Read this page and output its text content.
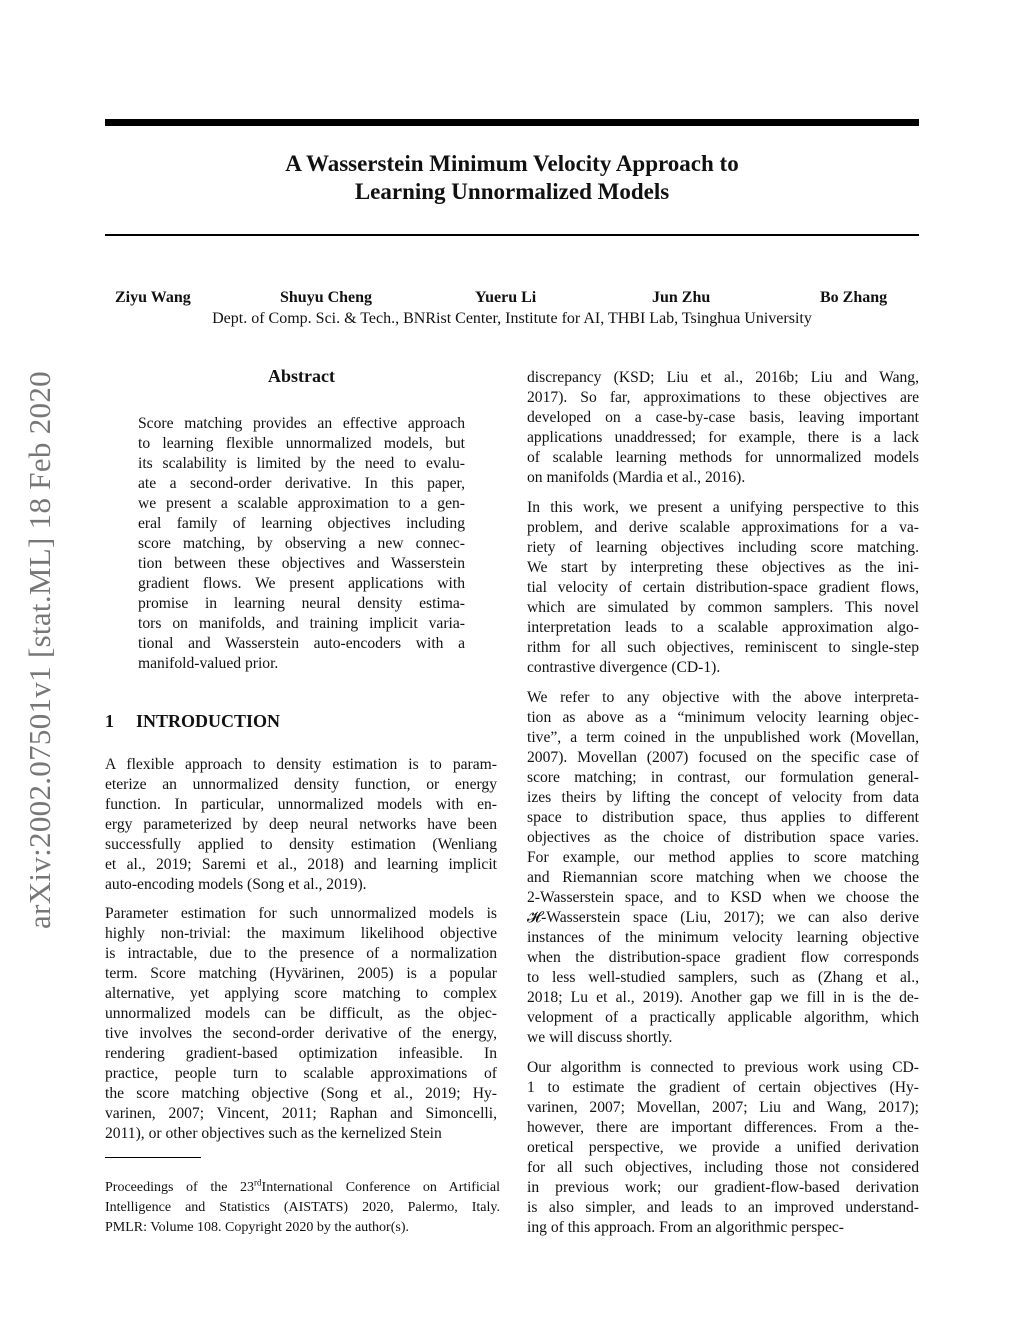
A Wasserstein Minimum Velocity Approach to
Learning Unnormalized Models
Ziyu Wang	Shuyu Cheng	Yueru Li	Jun Zhu	Bo Zhang
Dept. of Comp. Sci. & Tech., BNRist Center, Institute for AI, THBI Lab, Tsinghua University
arXiv:2002.07501v1 [stat.ML] 18 Feb 2020	Abstract
Score matching provides an effective approach
to learning flexible unnormalized models, but
its scalability is limited by the need to evalu-
ate a second-order derivative. In this paper,
we present a scalable approximation to a gen-
eral family of learning objectives including
score matching, by observing a new connec-
tion between these objectives and Wasserstein
gradient flows. We present applications with
promise in learning neural density estima-
tors on manifolds, and training implicit varia-
tional and Wasserstein auto-encoders with a
manifold-valued prior.
1 INTRODUCTION
A flexible approach to density estimation is to param-
eterize an unnormalized density function, or energy
function. In particular, unnormalized models with en-
ergy parameterized by deep neural networks have been
successfully applied to density estimation (Wenliang
et al., 2019; Saremi et al., 2018) and learning implicit
auto-encoding models (Song et al., 2019).
Parameter estimation for such unnormalized models is
highly non-trivial: the maximum likelihood objective
is intractable, due to the presence of a normalization
term. Score matching (Hyvärinen, 2005) is a popular
alternative, yet applying score matching to complex
unnormalized models can be difficult, as the objec-
tive involves the second-order derivative of the energy,
rendering gradient-based optimization infeasible. In
practice, people turn to scalable approximations of
the score matching objective (Song et al., 2019; Hy-
varinen, 2007; Vincent, 2011; Raphan and Simoncelli,
2011), or other objectives such as the kernelized Stein
Proceedings of the 23rdInternational Conference on Artificial
Intelligence and Statistics (AISTATS) 2020, Palermo, Italy.
PMLR: Volume 108. Copyright 2020 by the author(s).
discrepancy (KSD; Liu et al., 2016b; Liu and Wang,
2017). So far, approximations to these objectives are
developed on a case-by-case basis, leaving important
applications unaddressed; for example, there is a lack
of scalable learning methods for unnormalized models
on manifolds (Mardia et al., 2016).
In this work, we present a unifying perspective to this
problem, and derive scalable approximations for a va-
riety of learning objectives including score matching.
We start by interpreting these objectives as the ini-
tial velocity of certain distribution-space gradient flows,
which are simulated by common samplers. This novel
interpretation leads to a scalable approximation algo-
rithm for all such objectives, reminiscent to single-step
contrastive divergence (CD-1).
We refer to any objective with the above interpreta-
tion as above as a “minimum velocity learning objec-
tive”, a term coined in the unpublished work (Movellan,
2007). Movellan (2007) focused on the specific case of
score matching; in contrast, our formulation general-
izes theirs by lifting the concept of velocity from data
space to distribution space, thus applies to different
objectives as the choice of distribution space varies.
For example, our method applies to score matching
and Riemannian score matching when we choose the
2-Wasserstein space, and to KSD when we choose the
𝓗-Wasserstein space (Liu, 2017); we can also derive
instances of the minimum velocity learning objective
when the distribution-space gradient flow corresponds
to less well-studied samplers, such as (Zhang et al.,
2018; Lu et al., 2019). Another gap we fill in is the de-
velopment of a practically applicable algorithm, which
we will discuss shortly.
Our algorithm is connected to previous work using CD-
1 to estimate the gradient of certain objectives (Hy-
varinen, 2007; Movellan, 2007; Liu and Wang, 2017);
however, there are important differences. From a the-
oretical perspective, we provide a unified derivation
for all such objectives, including those not considered
in previous work; our gradient-flow-based derivation
is also simpler, and leads to an improved understand-
ing of this approach. From an algorithmic perspec-
